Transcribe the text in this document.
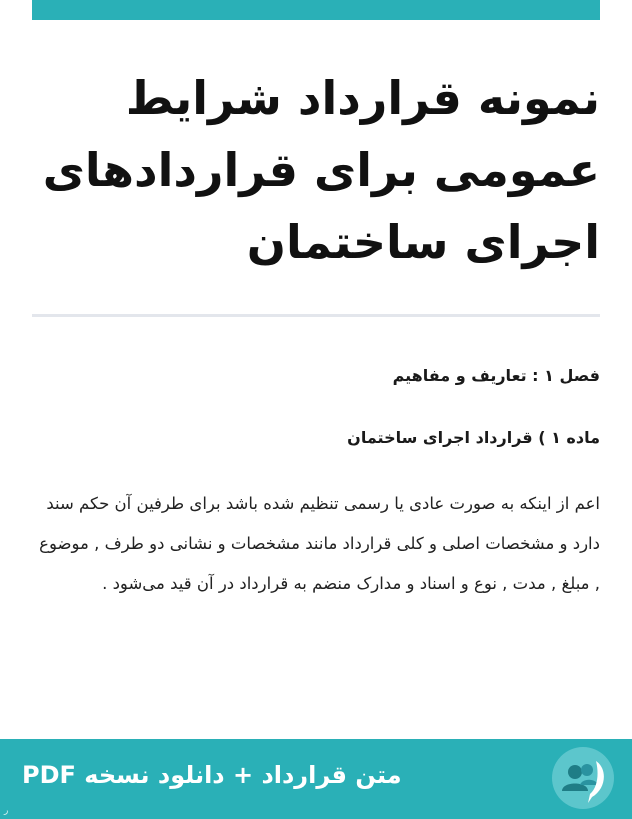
نمونه قرارداد شرایط عمومی برای قراردادهای اجرای ساختمان
فصل ۱ : تعاریف و مفاهیم
ماده ۱ ) قرارداد اجرای ساختمان

اعم از اینکه به صورت عادی یا رسمی تنظیم شده باشد برای طرفین آن حکم سند دارد و مشخصات اصلی و کلی قرارداد مانند مشخصات و نشانی دو طرف , موضوع , مبلغ , مدت , نوع و اسناد و مدارک منضم به قرارداد در آن قید می‌شود .

متن قرارداد + دانلود نسخه PDF
ر
